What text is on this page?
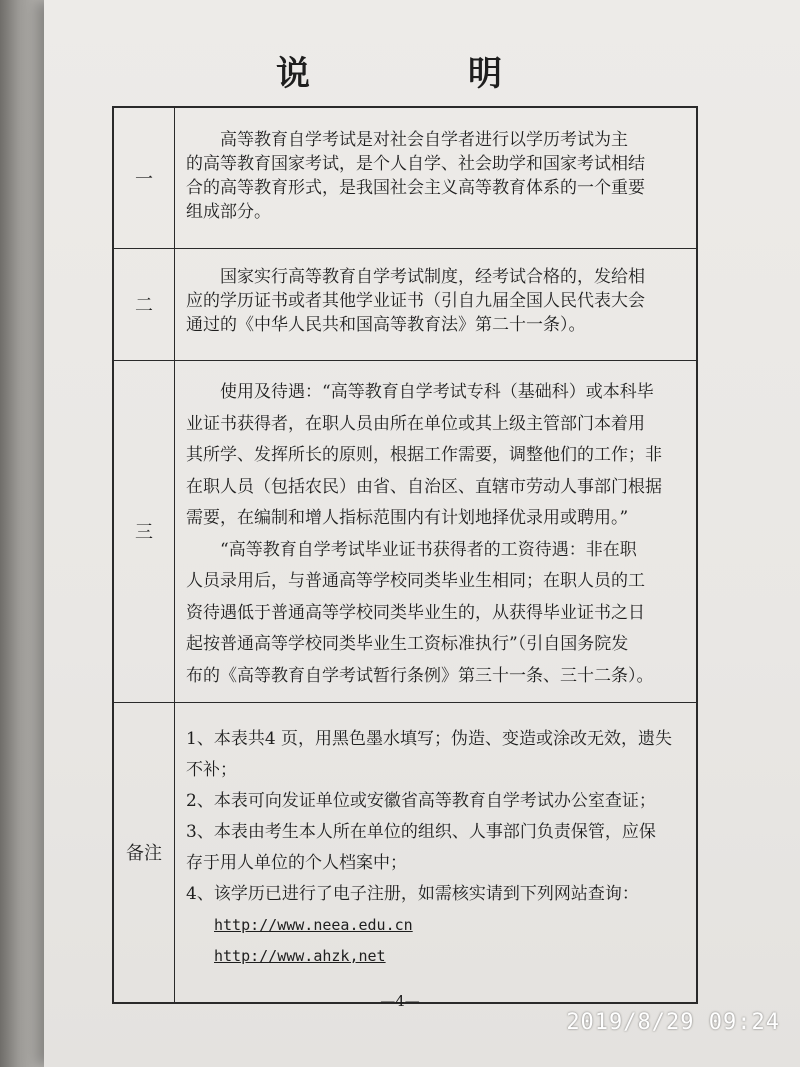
说　明
一
高等教育自学考试是对社会自学者进行以学历考试为主
的高等教育国家考试，是个人自学、社会助学和国家考试相结
合的高等教育形式，是我国社会主义高等教育体系的一个重要
组成部分。
二
国家实行高等教育自学考试制度，经考试合格的，发给相
应的学历证书或者其他学业证书（引自九届全国人民代表大会
通过的《中华人民共和国高等教育法》第二十一条）。
三
使用及待遇：“高等教育自学考试专科（基础科）或本科毕
业证书获得者，在职人员由所在单位或其上级主管部门本着用
其所学、发挥所长的原则，根据工作需要，调整他们的工作；非
在职人员（包括农民）由省、自治区、直辖市劳动人事部门根据
需要，在编制和增人指标范围内有计划地择优录用或聘用。”
“高等教育自学考试毕业证书获得者的工资待遇：非在职
人员录用后，与普通高等学校同类毕业生相同；在职人员的工
资待遇低于普通高等学校同类毕业生的，从获得毕业证书之日
起按普通高等学校同类毕业生工资标准执行”（引自国务院发
布的《高等教育自学考试暂行条例》第三十一条、三十二条）。
备注
1、本表共4 页，用黑色墨水填写；伪造、变造或涂改无效，遗失
不补；
2、本表可向发证单位或安徽省高等教育自学考试办公室查证；
3、本表由考生本人所在单位的组织、人事部门负责保管，应保
存于用人单位的个人档案中；
4、该学历已进行了电子注册，如需核实请到下列网站查询：
http://www.neea.edu.cn
http://www.ahzk,net
—4—
2019/8/29 09:24
